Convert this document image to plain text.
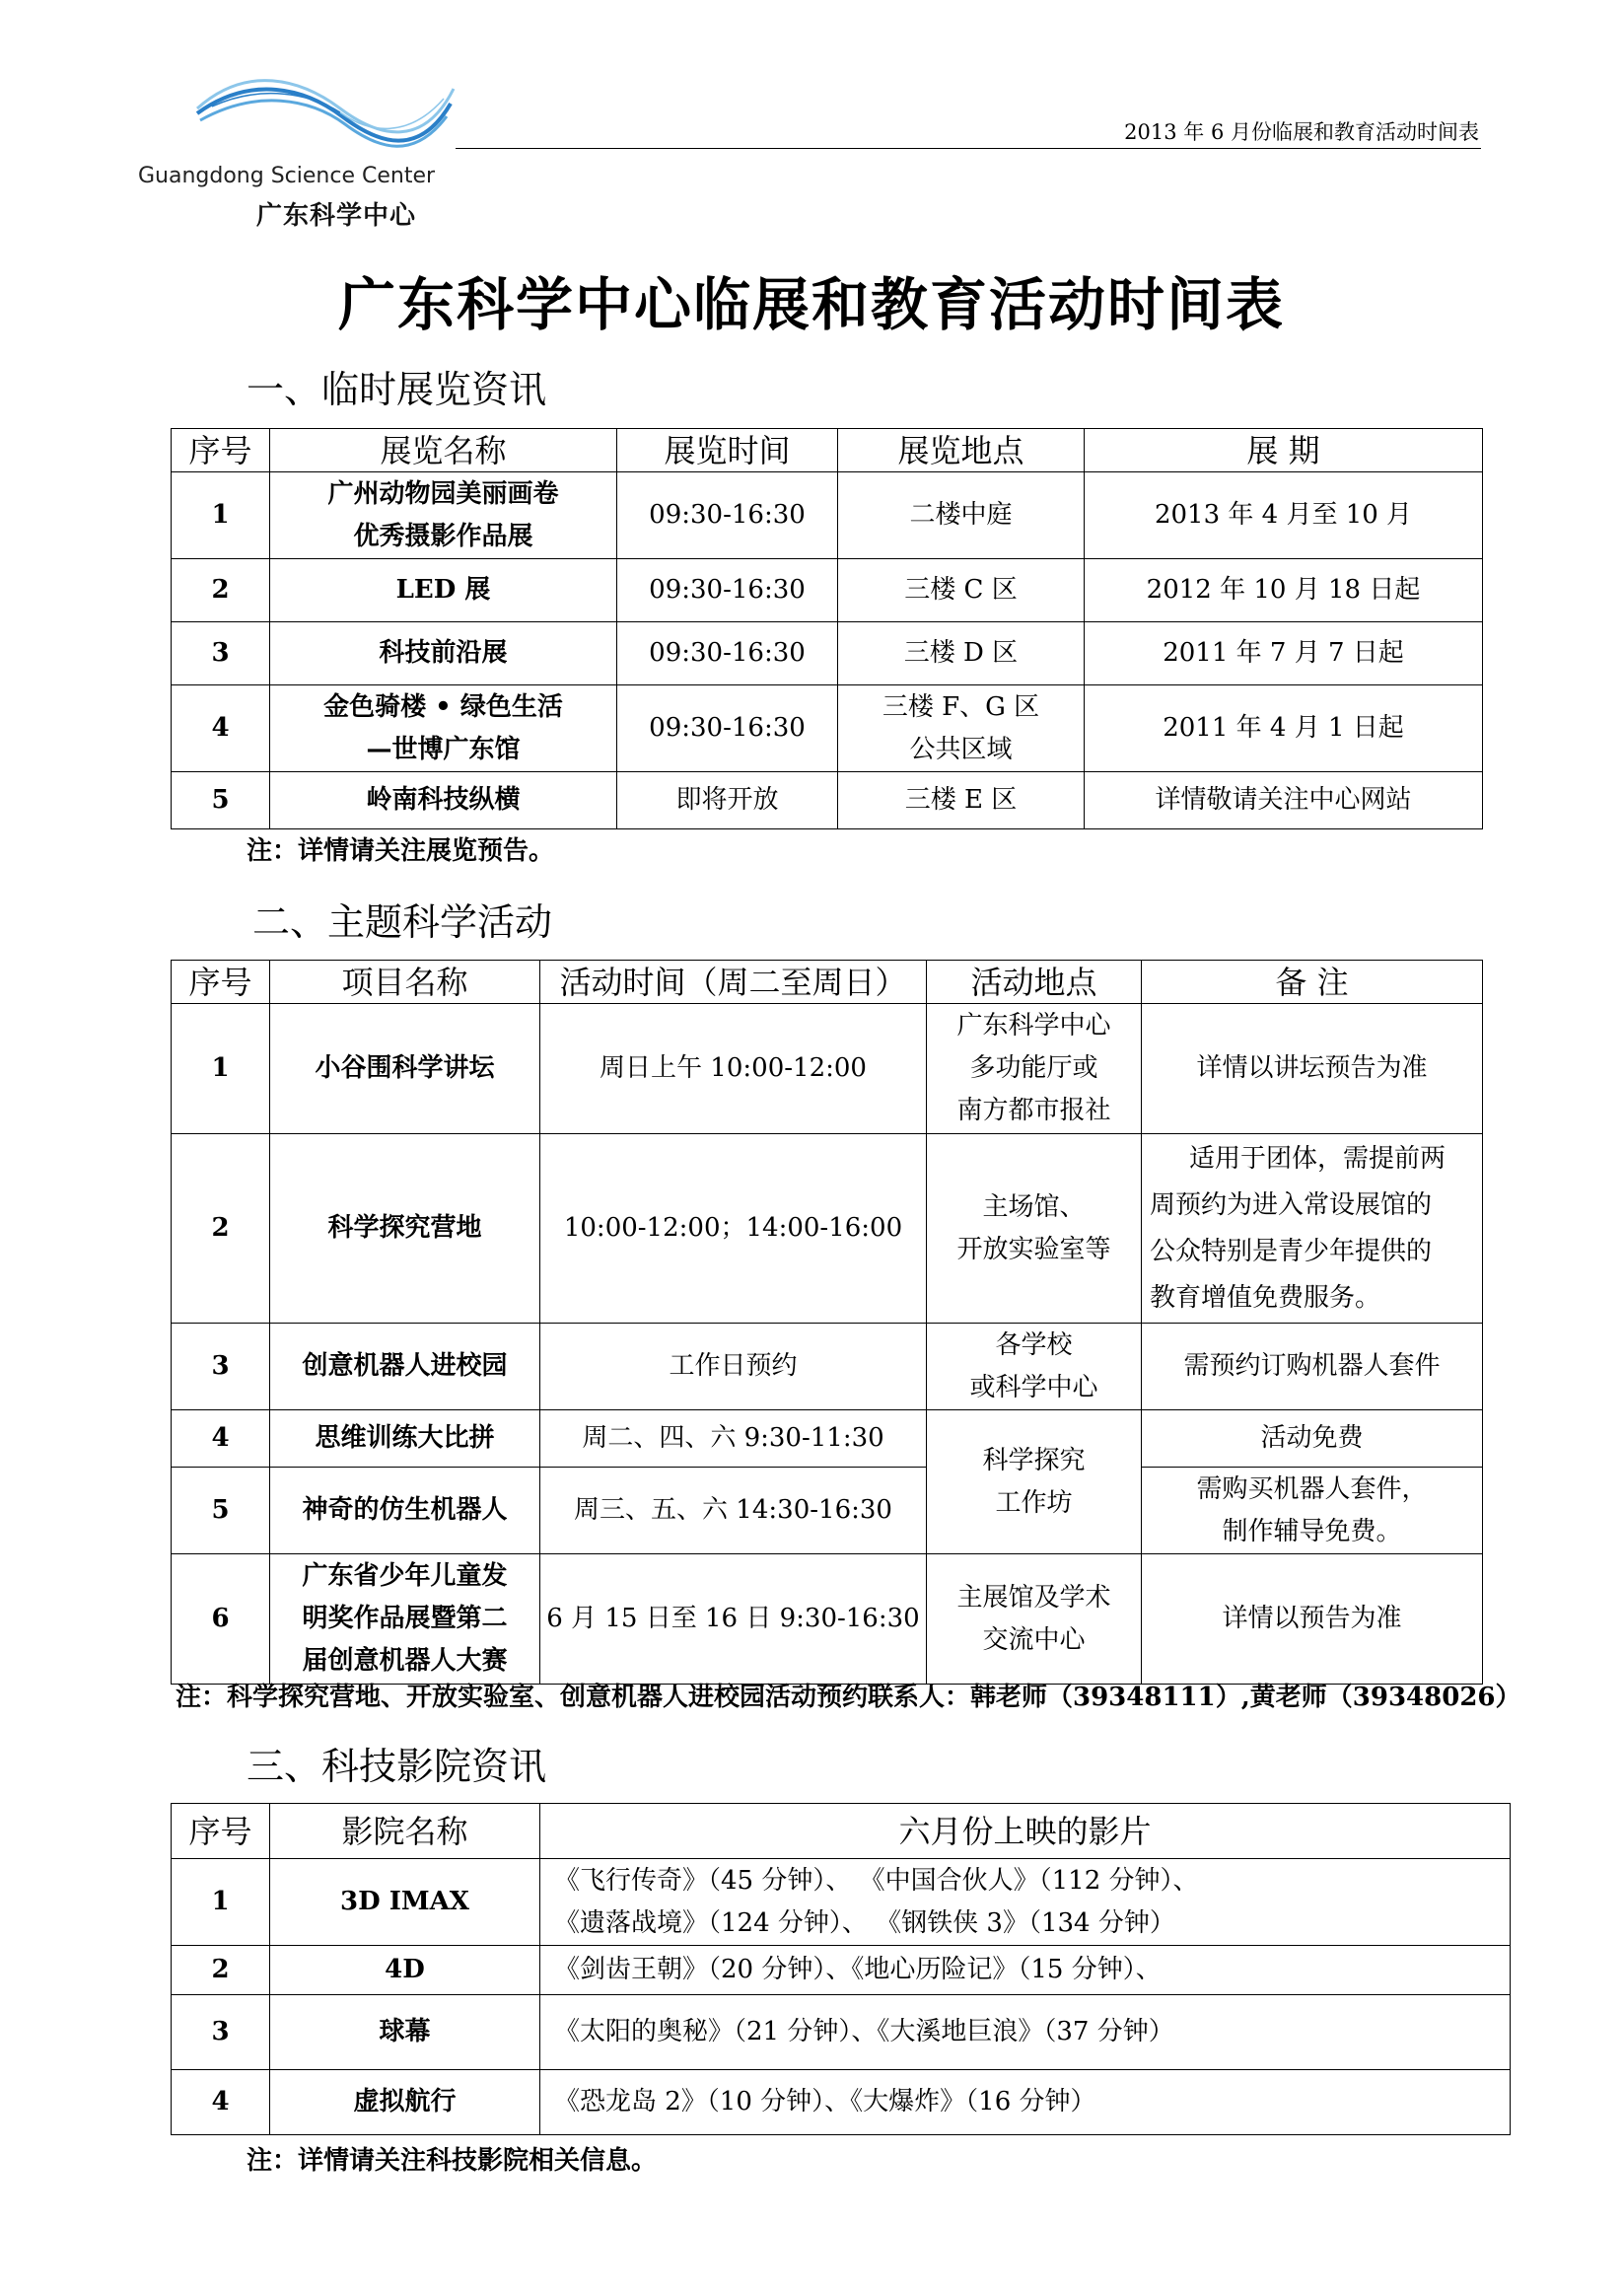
Guangdong Science Center
广东科学中心
2013 年 6 月份临展和教育活动时间表
广东科学中心临展和教育活动时间表
一、临时展览资讯
序号	展览名称	展览时间	展览地点	展 期
1	广州动物园美丽画卷
优秀摄影作品展	09:30-16:30	二楼中庭	2013 年 4 月至 10 月
2	LED 展	09:30-16:30	三楼 C 区	2012 年 10 月 18 日起
3	科技前沿展	09:30-16:30	三楼 D 区	2011 年 7 月 7 日起
4	金色骑楼 • 绿色生活
—世博广东馆	09:30-16:30	三楼 F、G 区
公共区域	2011 年 4 月 1 日起
5	岭南科技纵横	即将开放	三楼 E 区	详情敬请关注中心网站
注：详情请关注展览预告。
二、主题科学活动
序号	项目名称	活动时间（周二至周日）	活动地点	备 注
1	小谷围科学讲坛	周日上午 10:00-12:00	广东科学中心
多功能厅或
南方都市报社	详情以讲坛预告为准
2	科学探究营地	10:00-12:00；14:00-16:00	主场馆、
开放实验室等	适用于团体，需提前两
周预约为进入常设展馆的
公众特别是青少年提供的
教育增值免费服务。

3	创意机器人进校园	工作日预约	各学校
或科学中心	需预约订购机器人套件
4	思维训练大比拼	周二、四、六 9:30-11:30	科学探究
工作坊	活动免费
5	神奇的仿生机器人	周三、五、六 14:30-16:30		需购买机器人套件，
制作辅导免费。

6	广东省少年儿童发
明奖作品展暨第二
届创意机器人大赛	6 月 15 日至 16 日 9:30-16:30	主展馆及学术
交流中心	详情以预告为准
注：科学探究营地、开放实验室、创意机器人进校园活动预约联系人：韩老师（39348111）,黄老师（39348026）
三、科技影院资讯
序号	影院名称	六月份上映的影片
1	3D IMAX	《飞行传奇》（45 分钟）、 《中国合伙人》（112 分钟）、
《遗落战境》（124 分钟）、 《钢铁侠 3》（134 分钟）

2	4D	《剑齿王朝》（20 分钟）、《地心历险记》（15 分钟）、
3	球幕	《太阳的奥秘》（21 分钟）、《大溪地巨浪》（37 分钟）
4	虚拟航行	《恐龙岛 2》（10 分钟）、《大爆炸》（16 分钟）
注：详情请关注科技影院相关信息。
